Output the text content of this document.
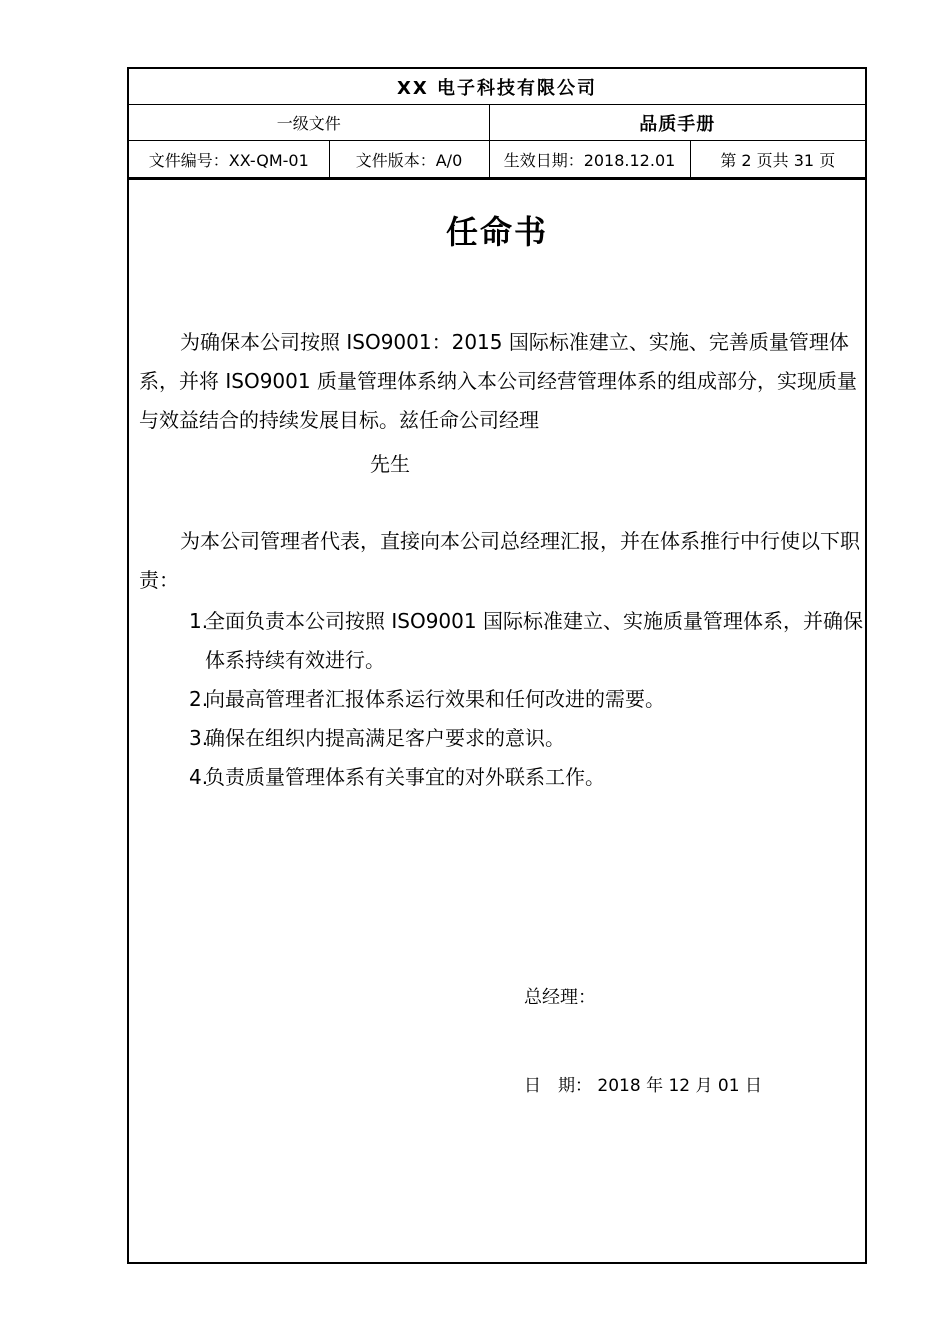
XX 电子科技有限公司			
一级文件		品质手册	
文件编号：XX-QM-01	文件版本：A/0	生效日期：2018.12.01	第 2 页共 31 页
任命书
为确保本公司按照 ISO9001：2015 国际标准建立、实施、完善质量管理体系，并将 ISO9001 质量管理体系纳入本公司经营管理体系的组成部分，实现质量与效益结合的持续发展目标。兹任命公司经理
先生
为本公司管理者代表，直接向本公司总经理汇报，并在体系推行中行使以下职责：
1.
全面负责本公司按照 ISO9001 国际标准建立、实施质量管理体系，并确保体系持续有效进行。
2.
向最高管理者汇报体系运行效果和任何改进的需要。
3.
确保在组织内提高满足客户要求的意识。
4.
负责质量管理体系有关事宜的对外联系工作。
总经理：
日　期： 2018 年 12 月 01 日
